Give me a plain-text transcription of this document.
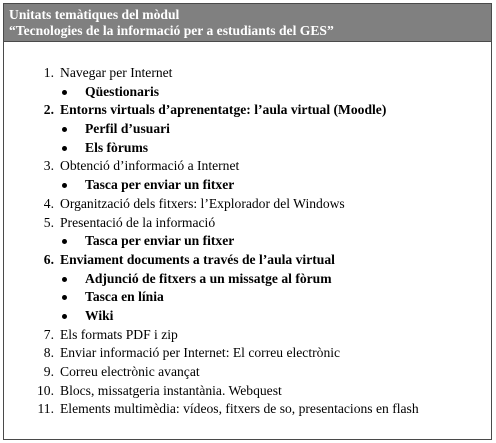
Unitats temàtiques del mòdul
“Tecnologies de la informació per a estudiants del GES”
1. Navegar per Internet
Qüestionaris
2. Entorns virtuals d’aprenentatge: l’aula virtual (Moodle)
Perfil d’usuari
Els fòrums
3. Obtenció d’informació a Internet
Tasca per enviar un fitxer
4. Organització dels fitxers: l’Explorador del Windows
5. Presentació de la informació
Tasca per enviar un fitxer
6. Enviament documents a través de l’aula virtual
Adjunció de fitxers a un missatge al fòrum
Tasca en línia
Wiki
7. Els formats PDF i zip
8. Enviar informació per Internet: El correu electrònic
9. Correu electrònic avançat
10. Blocs, missatgeria instantània. Webquest
11. Elements multimèdia: vídeos, fitxers de so, presentacions en flash
